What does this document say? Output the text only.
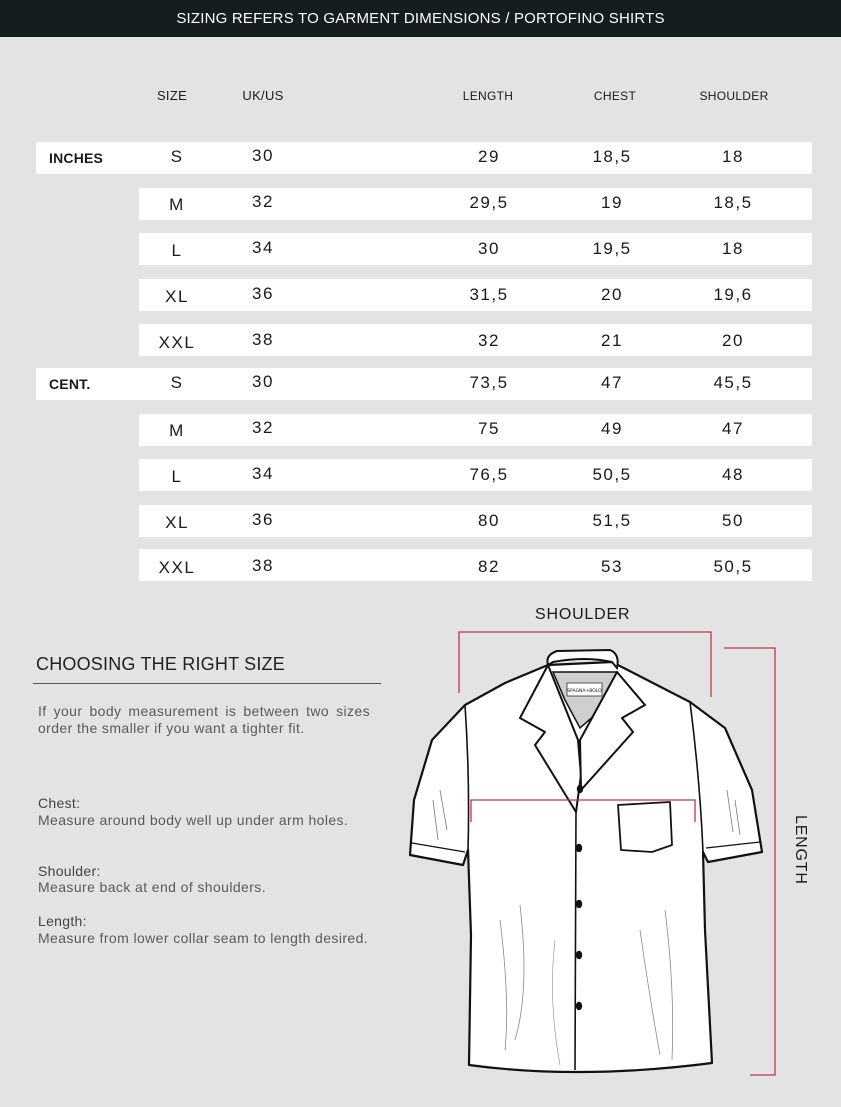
SIZING REFERS TO GARMENT DIMENSIONS / PORTOFINO SHIRTS
SIZE	UK/US	LENGTH	CHEST	SHOULDER
INCHES	S	30	29	18,5	18
M	32	29,5	19	18,5
L	34	30	19,5	18
XL	36	31,5	20	19,6
XXL	38	32	21	20
CENT.	S	30	73,5	47	45,5
M	32	75	49	47
L	34	76,5	50,5	48
XL	36	80	51,5	50
XXL	38	82	53	50,5
CHOOSING THE RIGHT SIZE
If your body measurement is between two sizes order the smaller if you want a tighter fit.
Chest:
Measure around body well up under arm holes.
Shoulder:
Measure back at end of shoulders.
Length:
Measure from lower collar seam to length desired.
SHOULDER
LENGTH
SPAGNA+BOLO
